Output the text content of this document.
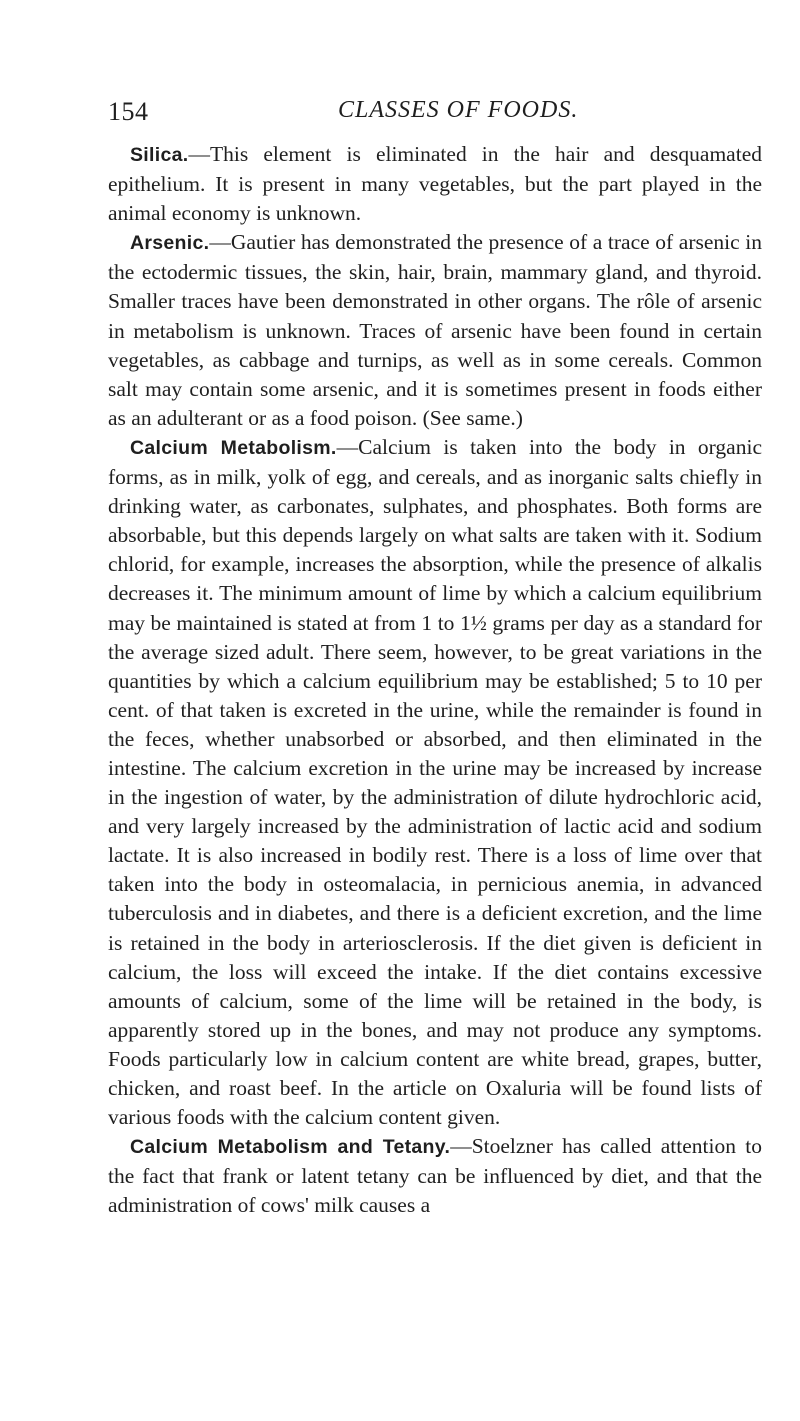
154	CLASSES OF FOODS.

Silica.—This element is eliminated in the hair and desquamated epithelium. It is present in many vegetables, but the part played in the animal economy is unknown.

Arsenic.—Gautier has demonstrated the presence of a trace of arsenic in the ectodermic tissues, the skin, hair, brain, mammary gland, and thyroid. Smaller traces have been demonstrated in other organs. The rôle of arsenic in metabolism is unknown. Traces of arsenic have been found in certain vegetables, as cabbage and turnips, as well as in some cereals. Common salt may contain some arsenic, and it is sometimes present in foods either as an adulterant or as a food poison. (See same.)

Calcium Metabolism.—Calcium is taken into the body in organic forms, as in milk, yolk of egg, and cereals, and as inorganic salts chiefly in drinking water, as carbonates, sulphates, and phosphates. Both forms are absorbable, but this depends largely on what salts are taken with it. Sodium chlorid, for example, increases the absorption, while the presence of alkalis decreases it. The minimum amount of lime by which a calcium equilibrium may be maintained is stated at from 1 to 1½ grams per day as a standard for the average sized adult. There seem, however, to be great variations in the quantities by which a calcium equilibrium may be established; 5 to 10 per cent. of that taken is excreted in the urine, while the remainder is found in the feces, whether unabsorbed or absorbed, and then eliminated in the intestine. The calcium excretion in the urine may be increased by increase in the ingestion of water, by the administration of dilute hydrochloric acid, and very largely increased by the administration of lactic acid and sodium lactate. It is also increased in bodily rest. There is a loss of lime over that taken into the body in osteomalacia, in pernicious anemia, in advanced tuberculosis and in diabetes, and there is a deficient excretion, and the lime is retained in the body in arteriosclerosis. If the diet given is deficient in calcium, the loss will exceed the intake. If the diet contains excessive amounts of calcium, some of the lime will be retained in the body, is apparently stored up in the bones, and may not produce any symptoms. Foods particularly low in calcium content are white bread, grapes, butter, chicken, and roast beef. In the article on Oxaluria will be found lists of various foods with the calcium content given.

Calcium Metabolism and Tetany.—Stoelzner has called attention to the fact that frank or latent tetany can be influenced by diet, and that the administration of cows' milk causes a
